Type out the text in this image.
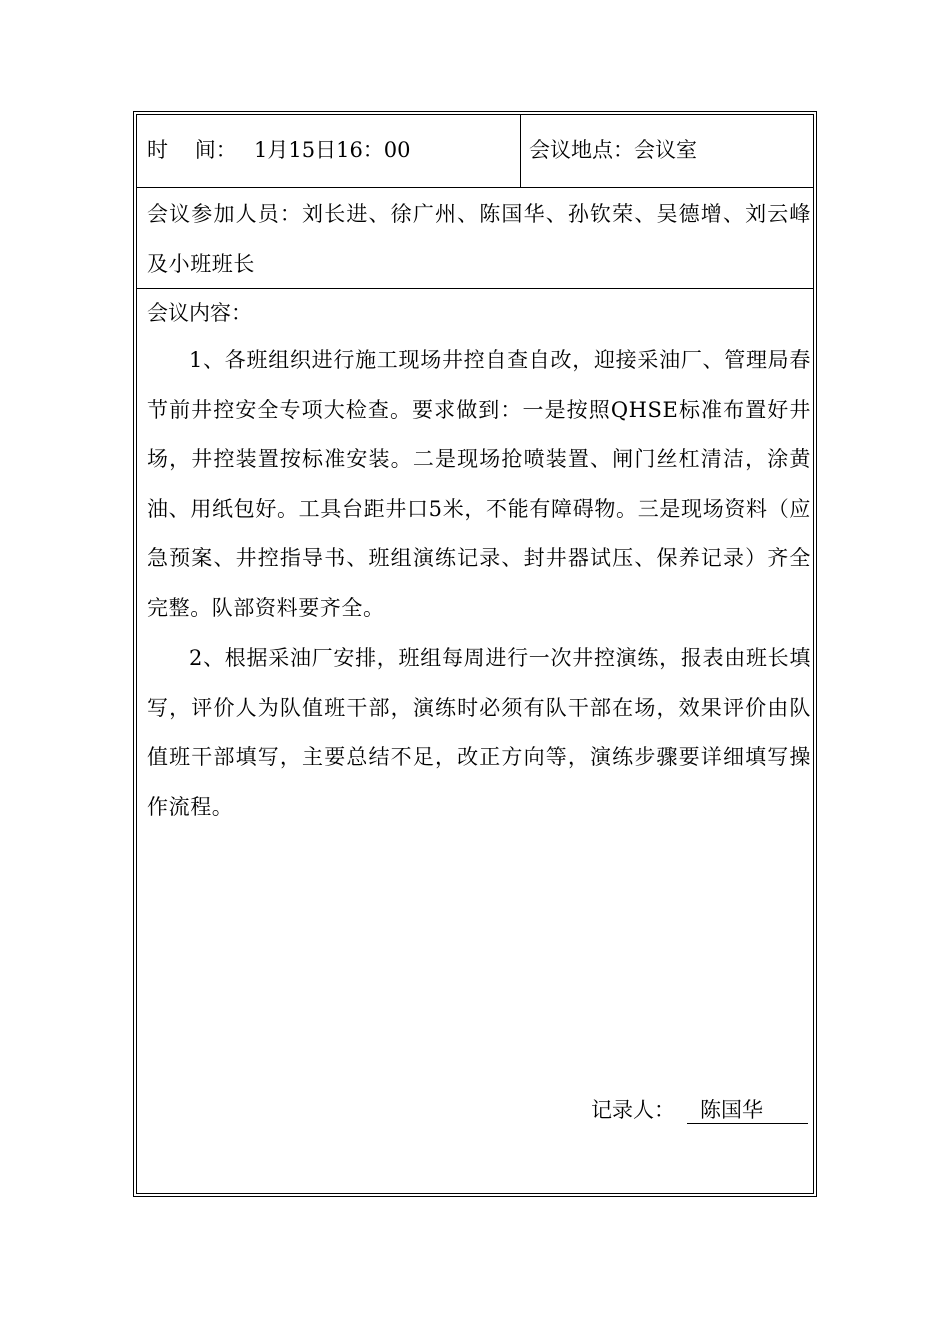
时    间： 1月15日16：00	会议地点：会议室
会议参加人员：刘长进、徐广州、陈国华、孙钦荣、吴德增、刘云峰及小班班长
会议内容：
1、各班组织进行施工现场井控自查自改，迎接采油厂、管理局春节前井控安全专项大检查。要求做到：一是按照QHSE标准布置好井场，井控装置按标准安装。二是现场抢喷装置、闸门丝杠清洁，涂黄油、用纸包好。工具台距井口5米，不能有障碍物。三是现场资料（应急预案、井控指导书、班组演练记录、封井器试压、保养记录）齐全完整。队部资料要齐全。
2、根据采油厂安排，班组每周进行一次井控演练，报表由班长填写，评价人为队值班干部，演练时必须有队干部在场，效果评价由队值班干部填写，主要总结不足，改正方向等，演练步骤要详细填写操作流程。
记录人： 陈国华
